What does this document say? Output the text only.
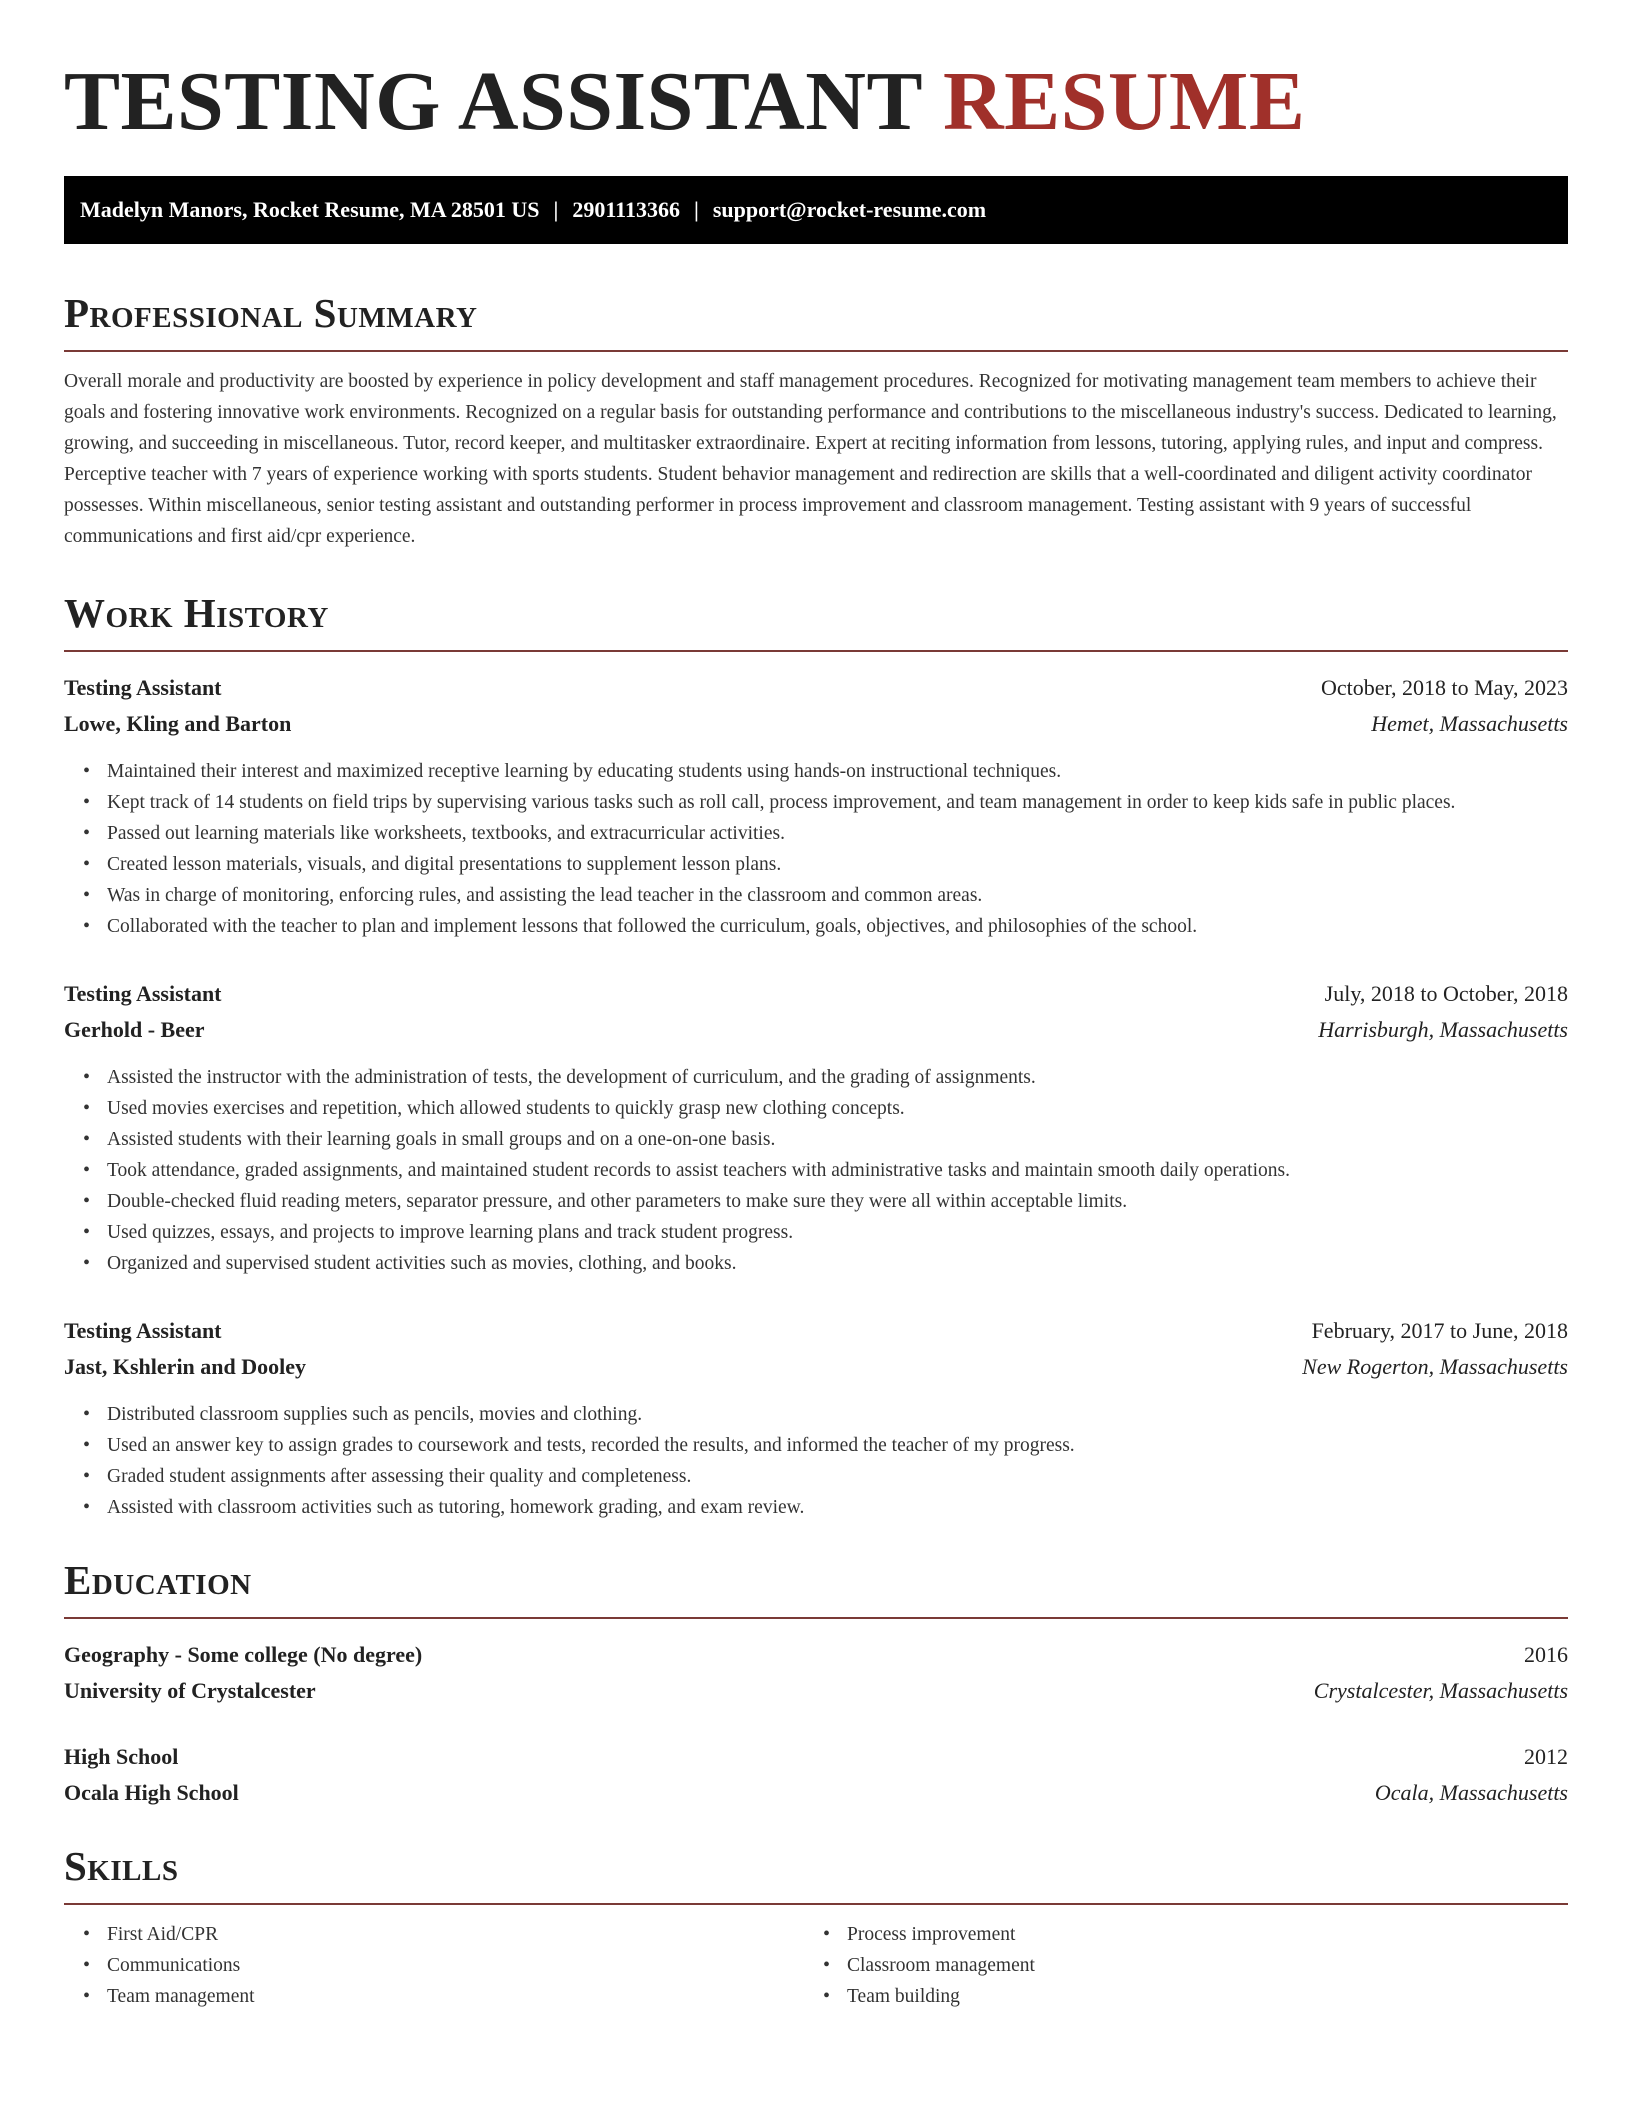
TESTING ASSISTANT RESUME
Madelyn Manors, Rocket Resume, MA 28501 US | 2901113366 | support@rocket-resume.com
Professional Summary

Overall morale and productivity are boosted by experience in policy development and staff management procedures. Recognized for motivating management team members to achieve their goals and fostering innovative work environments. Recognized on a regular basis for outstanding performance and contributions to the miscellaneous industry's success. Dedicated to learning, growing, and succeeding in miscellaneous. Tutor, record keeper, and multitasker extraordinaire. Expert at reciting information from lessons, tutoring, applying rules, and input and compress. Perceptive teacher with 7 years of experience working with sports students. Student behavior management and redirection are skills that a well-coordinated and diligent activity coordinator possesses. Within miscellaneous, senior testing assistant and outstanding performer in process improvement and classroom management. Testing assistant with 9 years of successful communications and first aid/cpr experience.

Work History
Testing Assistant	October, 2018 to May, 2023
Lowe, Kling and Barton	Hemet, Massachusetts
• Maintained their interest and maximized receptive learning by educating students using hands-on instructional techniques.
• Kept track of 14 students on field trips by supervising various tasks such as roll call, process improvement, and team management in order to keep kids safe in public places.
• Passed out learning materials like worksheets, textbooks, and extracurricular activities.
• Created lesson materials, visuals, and digital presentations to supplement lesson plans.
• Was in charge of monitoring, enforcing rules, and assisting the lead teacher in the classroom and common areas.
• Collaborated with the teacher to plan and implement lessons that followed the curriculum, goals, objectives, and philosophies of the school.
Testing Assistant	July, 2018 to October, 2018
Gerhold - Beer	Harrisburgh, Massachusetts
• Assisted the instructor with the administration of tests, the development of curriculum, and the grading of assignments.
• Used movies exercises and repetition, which allowed students to quickly grasp new clothing concepts.
• Assisted students with their learning goals in small groups and on a one-on-one basis.
• Took attendance, graded assignments, and maintained student records to assist teachers with administrative tasks and maintain smooth daily operations.
• Double-checked fluid reading meters, separator pressure, and other parameters to make sure they were all within acceptable limits.
• Used quizzes, essays, and projects to improve learning plans and track student progress.
• Organized and supervised student activities such as movies, clothing, and books.
Testing Assistant	February, 2017 to June, 2018
Jast, Kshlerin and Dooley	New Rogerton, Massachusetts
• Distributed classroom supplies such as pencils, movies and clothing.
• Used an answer key to assign grades to coursework and tests, recorded the results, and informed the teacher of my progress.
• Graded student assignments after assessing their quality and completeness.
• Assisted with classroom activities such as tutoring, homework grading, and exam review.
Education
Geography - Some college (No degree)	2016
University of Crystalcester	Crystalcester, Massachusetts
High School	2012
Ocala High School	Ocala, Massachusetts
Skills
• First Aid/CPR
• Communications
• Team management
• Process improvement
• Classroom management
• Team building
